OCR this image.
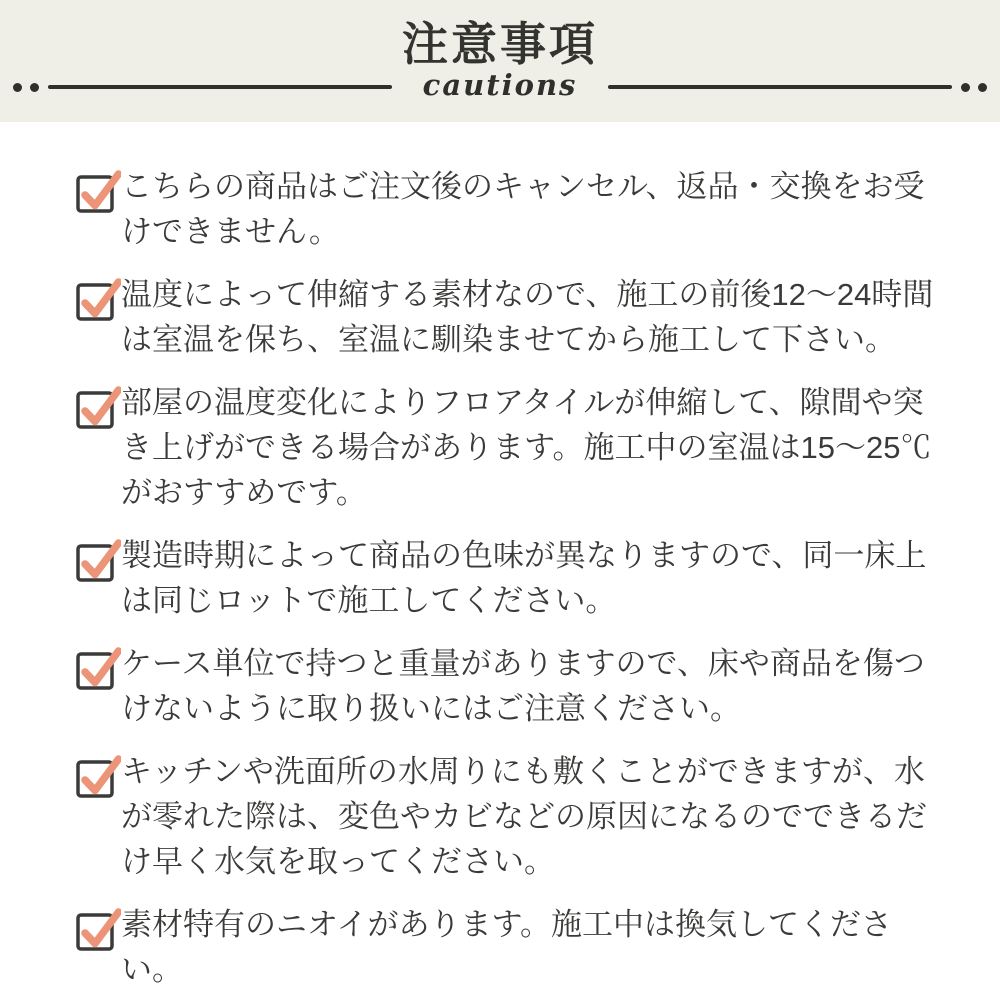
注意事項
cautions
こちらの商品はご注文後のキャンセル、返品・交換をお受けできません。
温度によって伸縮する素材なので、施工の前後12〜24時間は室温を保ち、室温に馴染ませてから施工して下さい。
部屋の温度変化によりフロアタイルが伸縮して、隙間や突き上げができる場合があります。施工中の室温は15〜25℃がおすすめです。
製造時期によって商品の色味が異なりますので、同一床上は同じロットで施工してください。
ケース単位で持つと重量がありますので、床や商品を傷つけないように取り扱いにはご注意ください。
キッチンや洗面所の水周りにも敷くことができますが、水が零れた際は、変色やカビなどの原因になるのでできるだけ早く水気を取ってください。
素材特有のニオイがあります。施工中は換気してください。
